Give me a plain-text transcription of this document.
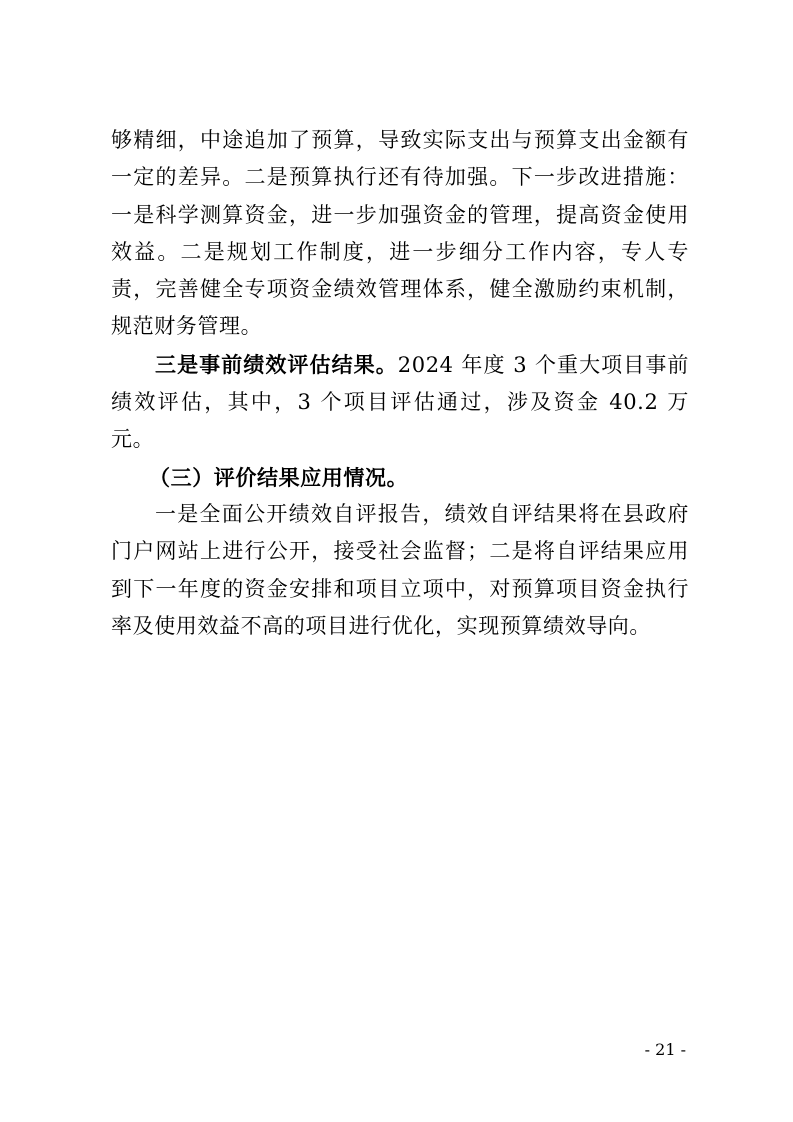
够精细，中途追加了预算，导致实际支出与预算支出金额有一定的差异。二是预算执行还有待加强。下一步改进措施：一是科学测算资金，进一步加强资金的管理，提高资金使用效益。二是规划工作制度，进一步细分工作内容，专人专责，完善健全专项资金绩效管理体系，健全激励约束机制，规范财务管理。

三是事前绩效评估结果。2024 年度 3 个重大项目事前绩效评估，其中，3 个项目评估通过，涉及资金 40.2 万元。

（三）评价结果应用情况。

一是全面公开绩效自评报告，绩效自评结果将在县政府门户网站上进行公开，接受社会监督；二是将自评结果应用到下一年度的资金安排和项目立项中，对预算项目资金执行率及使用效益不高的项目进行优化，实现预算绩效导向。

- 21 -
